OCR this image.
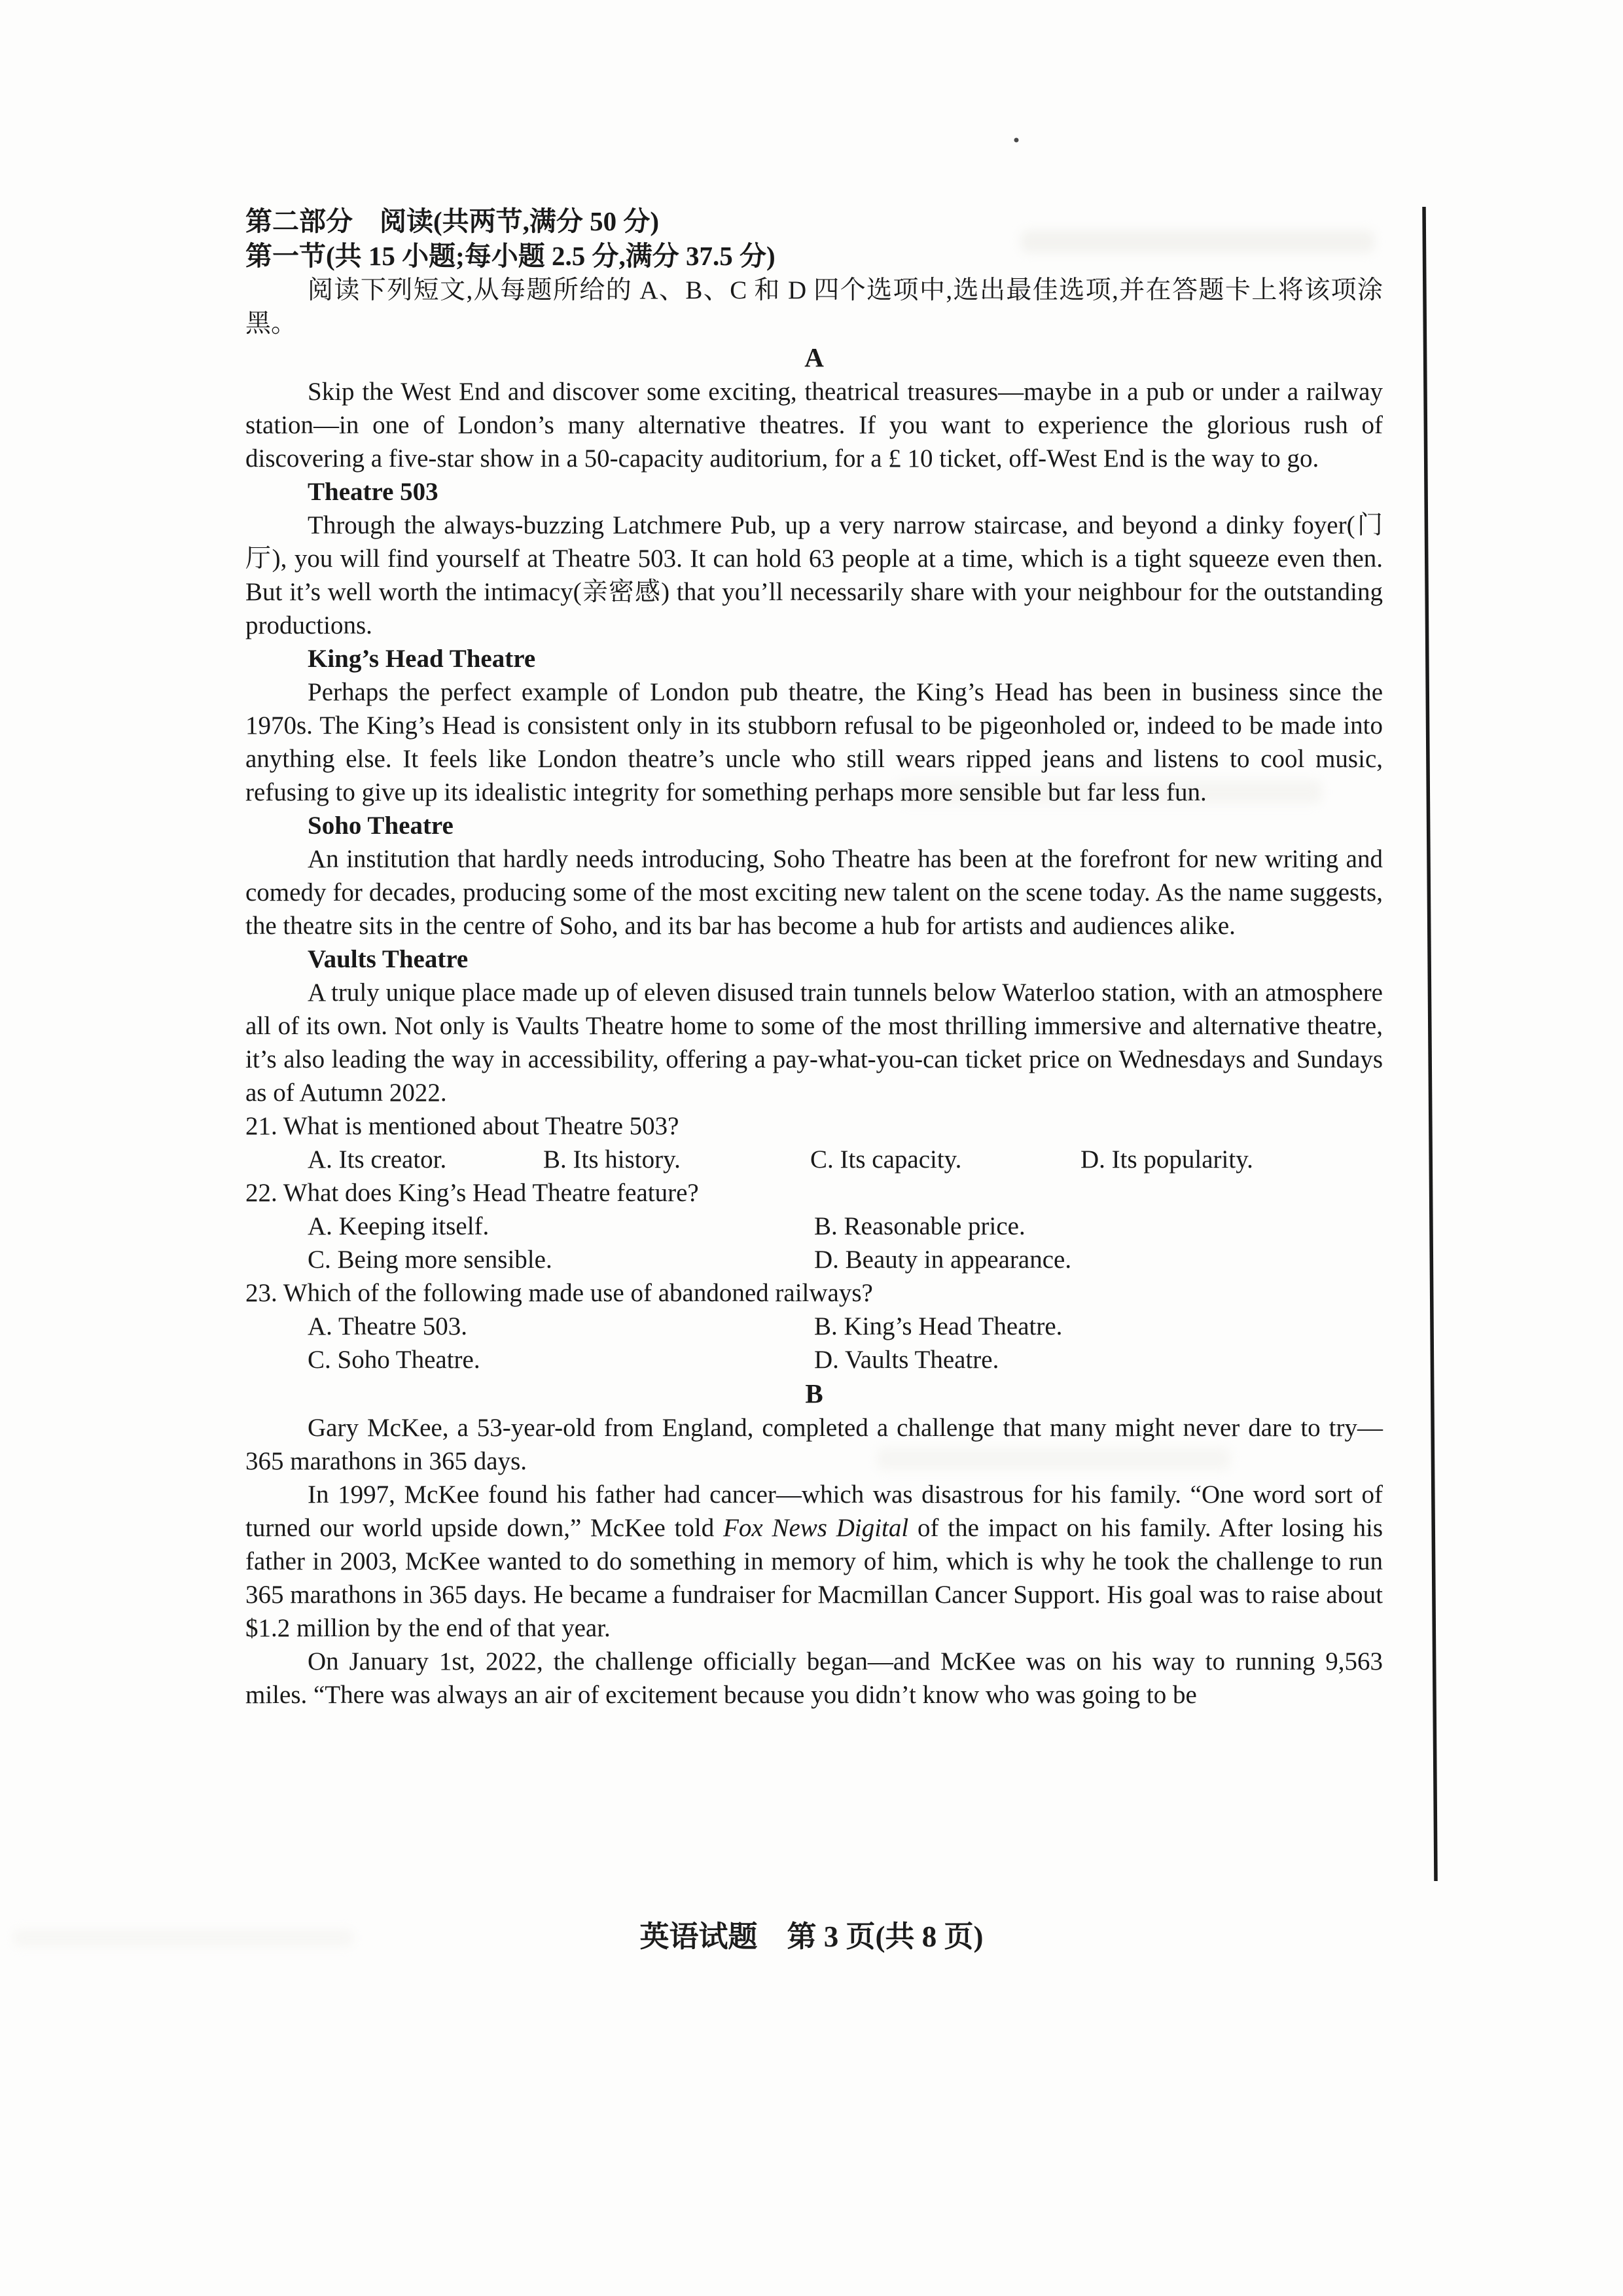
第二部分　阅读(共两节,满分 50 分)
第一节(共 15 小题;每小题 2.5 分,满分 37.5 分)

阅读下列短文,从每题所给的 A、B、C 和 D 四个选项中,选出最佳选项,并在答题卡上将该项涂黑。

A

Skip the West End and discover some exciting, theatrical treasures—maybe in a pub or under a railway station—in one of London’s many alternative theatres. If you want to experience the glorious rush of discovering a five-star show in a 50-capacity auditorium, for a £ 10 ticket, off-West End is the way to go.

Theatre 503

Through the always-buzzing Latchmere Pub, up a very narrow staircase, and beyond a dinky foyer(门厅), you will find yourself at Theatre 503. It can hold 63 people at a time, which is a tight squeeze even then. But it’s well worth the intimacy(亲密感) that you’ll necessarily share with your neighbour for the outstanding productions.

King’s Head Theatre

Perhaps the perfect example of London pub theatre, the King’s Head has been in business since the 1970s. The King’s Head is consistent only in its stubborn refusal to be pigeonholed or, indeed to be made into anything else. It feels like London theatre’s uncle who still wears ripped jeans and listens to cool music, refusing to give up its idealistic integrity for something perhaps more sensible but far less fun.

Soho Theatre

An institution that hardly needs introducing, Soho Theatre has been at the forefront for new writing and comedy for decades, producing some of the most exciting new talent on the scene today. As the name suggests, the theatre sits in the centre of Soho, and its bar has become a hub for artists and audiences alike.

Vaults Theatre

A truly unique place made up of eleven disused train tunnels below Waterloo station, with an atmosphere all of its own. Not only is Vaults Theatre home to some of the most thrilling immersive and alternative theatre, it’s also leading the way in accessibility, offering a pay-what-you-can ticket price on Wednesdays and Sundays as of Autumn 2022.

21. What is mentioned about Theatre 503?
A. Its creator.	B. Its history.	C. Its capacity.	D. Its popularity.
22. What does King’s Head Theatre feature?
A. Keeping itself.	B. Reasonable price.
C. Being more sensible.	D. Beauty in appearance.
23. Which of the following made use of abandoned railways?
A. Theatre 503.	B. King’s Head Theatre.
C. Soho Theatre.	D. Vaults Theatre.
B

Gary McKee, a 53-year-old from England, completed a challenge that many might never dare to try—365 marathons in 365 days.

In 1997, McKee found his father had cancer—which was disastrous for his family. “One word sort of turned our world upside down,” McKee told Fox News Digital of the impact on his family. After losing his father in 2003, McKee wanted to do something in memory of him, which is why he took the challenge to run 365 marathons in 365 days. He became a fundraiser for Macmillan Cancer Support. His goal was to raise about $1.2 million by the end of that year.

On January 1st, 2022, the challenge officially began—and McKee was on his way to running 9,563 miles. “There was always an air of excitement because you didn’t know who was going to be

英语试题　第 3 页(共 8 页)
